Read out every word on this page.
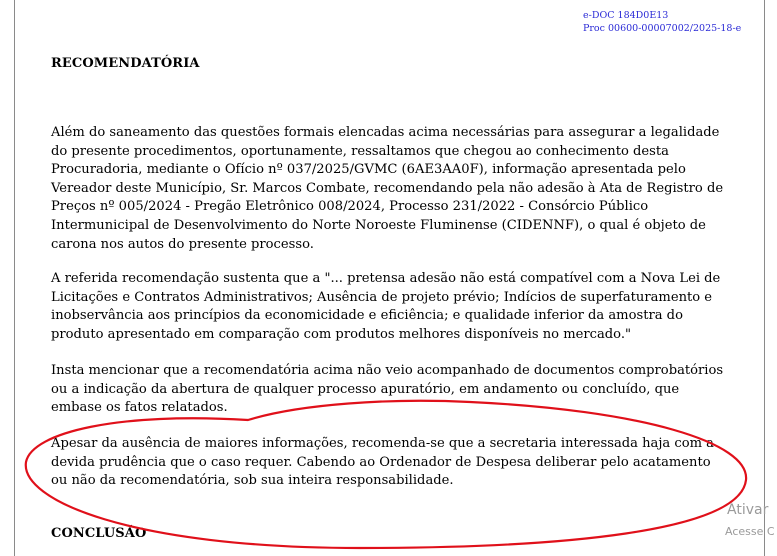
e-DOC 184D0E13
Proc 00600-00007002/2025-18-e
RECOMENDATÓRIA
Além do saneamento das questões formais elencadas acima necessárias para assegurar a legalidade
do presente procedimentos, oportunamente, ressaltamos que chegou ao conhecimento desta
Procuradoria, mediante o Ofício nº 037/2025/GVMC (6AE3AA0F), informação apresentada pelo
Vereador deste Município, Sr. Marcos Combate, recomendando pela não adesão à Ata de Registro de
Preços nº 005/2024 - Pregão Eletrônico 008/2024, Processo 231/2022 - Consórcio Público
Intermunicipal de Desenvolvimento do Norte Noroeste Fluminense (CIDENNF), o qual é objeto de
carona nos autos do presente processo.
A referida recomendação sustenta que a "... pretensa adesão não está compatível com a Nova Lei de
Licitações e Contratos Administrativos; Ausência de projeto prévio; Indícios de superfaturamento e
inobservância aos princípios da economicidade e eficiência; e qualidade inferior da amostra do
produto apresentado em comparação com produtos melhores disponíveis no mercado."
Insta mencionar que a recomendatória acima não veio acompanhado de documentos comprobatórios
ou a indicação da abertura de qualquer processo apuratório, em andamento ou concluído, que
embase os fatos relatados.
Apesar da ausência de maiores informações, recomenda-se que a secretaria interessada haja com a
devida prudência que o caso requer. Cabendo ao Ordenador de Despesa deliberar pelo acatamento
ou não da recomendatória, sob sua inteira responsabilidade.
CONCLUSÃO
Ativar
Acesse C
